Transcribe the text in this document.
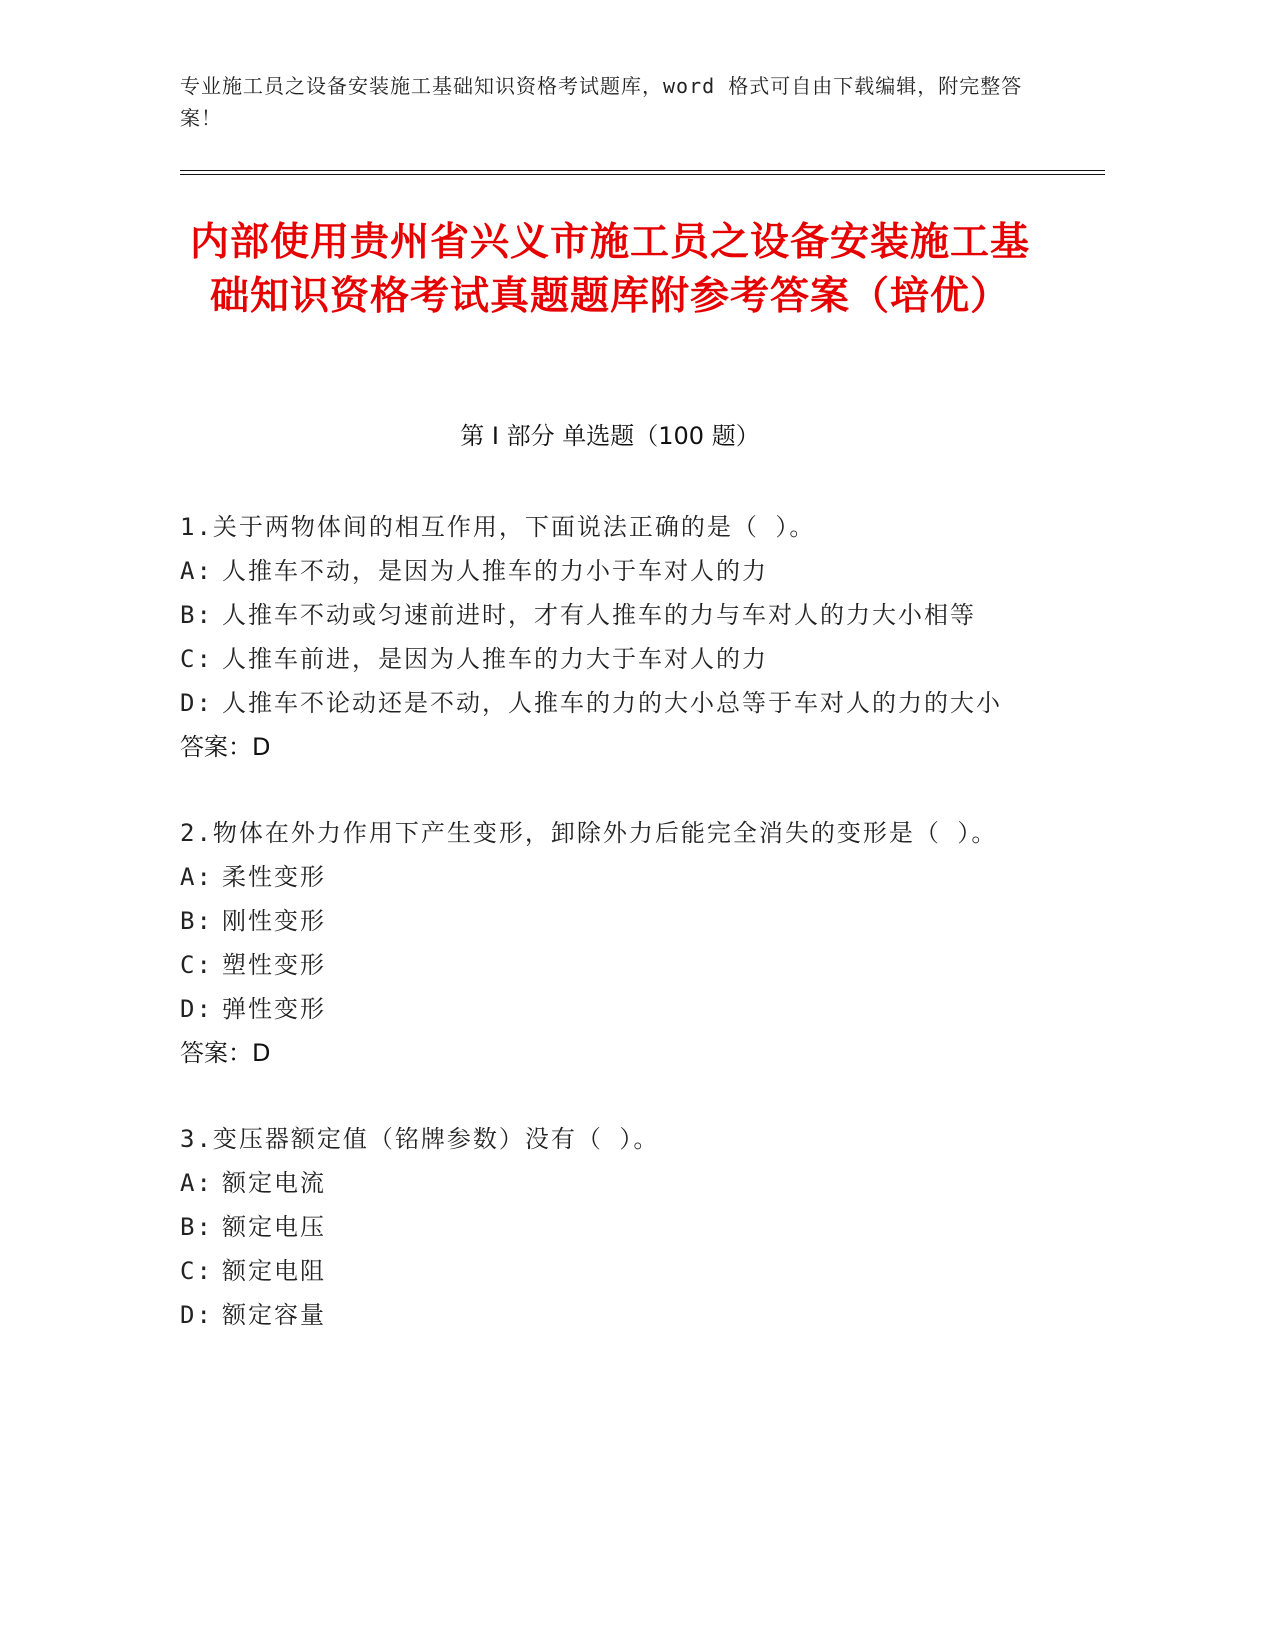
专业施工员之设备安装施工基础知识资格考试题库，word 格式可自由下载编辑，附完整答案！
内部使用贵州省兴义市施工员之设备安装施工基础知识资格考试真题题库附参考答案（培优）
第 I 部分 单选题（100 题）
1.关于两物体间的相互作用，下面说法正确的是（ ）。
A: 人推车不动，是因为人推车的力小于车对人的力
B: 人推车不动或匀速前进时，才有人推车的力与车对人的力大小相等
C: 人推车前进，是因为人推车的力大于车对人的力
D: 人推车不论动还是不动，人推车的力的大小总等于车对人的力的大小
答案：D
2.物体在外力作用下产生变形，卸除外力后能完全消失的变形是（ ）。
A: 柔性变形
B: 刚性变形
C: 塑性变形
D: 弹性变形
答案：D
3.变压器额定值（铭牌参数）没有（ ）。
A: 额定电流
B: 额定电压
C: 额定电阻
D: 额定容量
